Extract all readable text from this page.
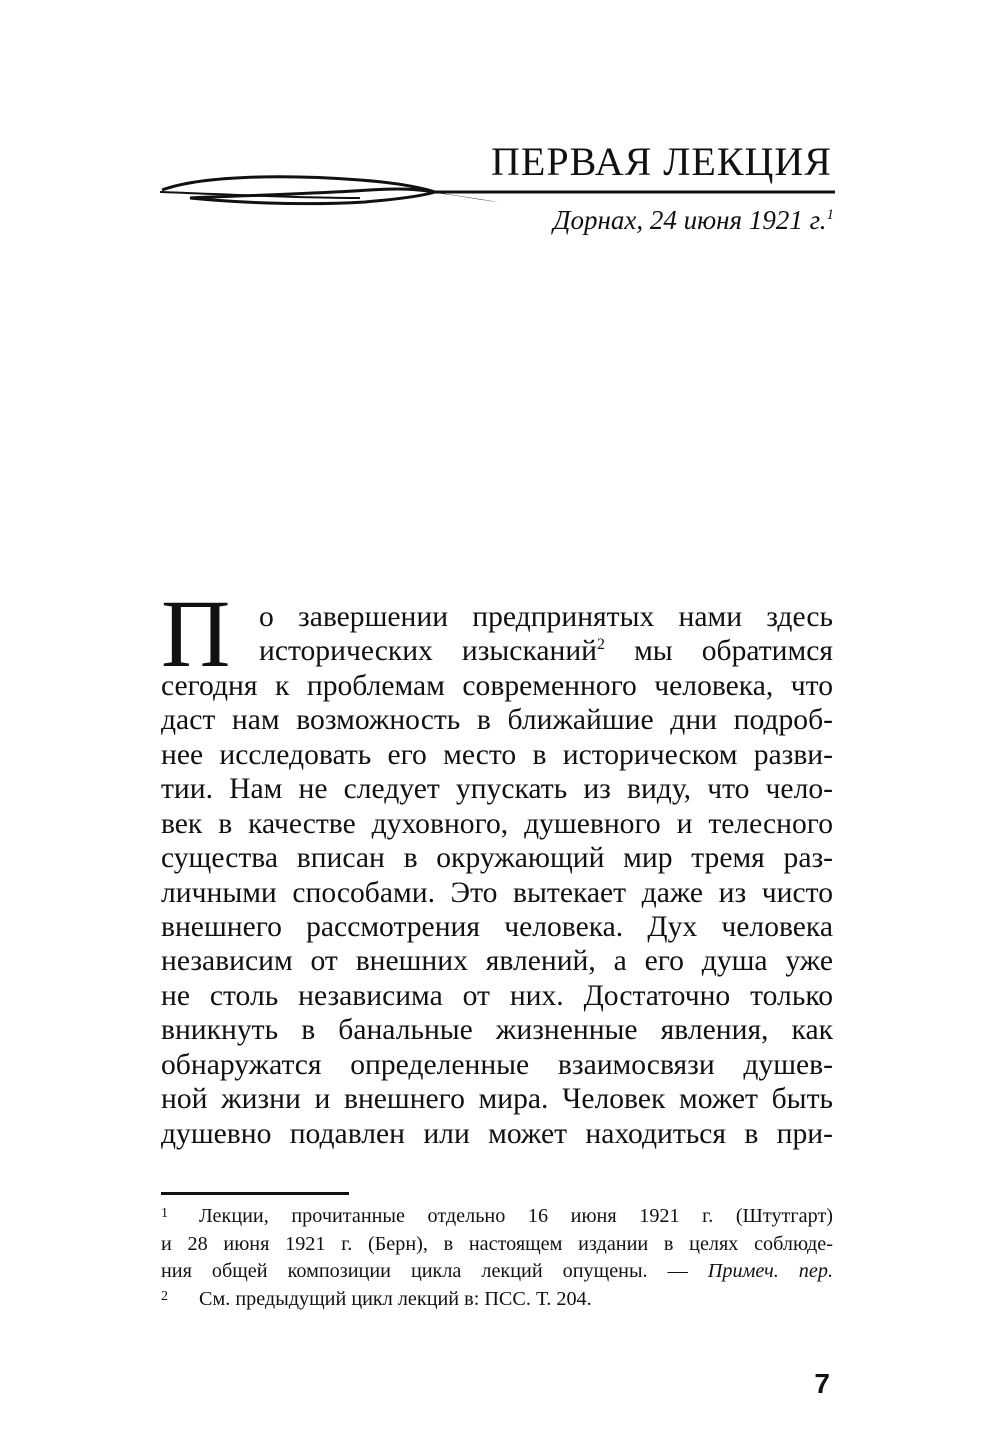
ПЕРВАЯ ЛЕКЦИЯ
Дорнах, 24 июня 1921 г.$^1$
П о завершении предпринятых нами здесь
исторических изысканий$^2$ мы обратимся
сегодня к проблемам современного человека, что
даст нам возможность в ближайшие дни подроб-
нее исследовать его место в историческом разви-
тии. Нам не следует упускать из виду, что чело-
век в качестве духовного, душевного и телесного
существа вписан в окружающий мир тремя раз-
личными способами. Это вытекает даже из чисто
внешнего рассмотрения человека. Дух человека
независим от внешних явлений, а его душа уже
не столь независима от них. Достаточно только
вникнуть в банальные жизненные явления, как
обнаружатся определенные взаимосвязи душев-
ной жизни и внешнего мира. Человек может быть
душевно подавлен или может находиться в при-
1 Лекции, прочитанные отдельно 16 июня 1921 г. (Штутгарт)
и 28 июня 1921 г. (Берн), в настоящем издании в целях соблюде-
ния общей композиции цикла лекций опущены. — Примеч. пер.
2 См. предыдущий цикл лекций в: ПСС. Т. 204.
7
